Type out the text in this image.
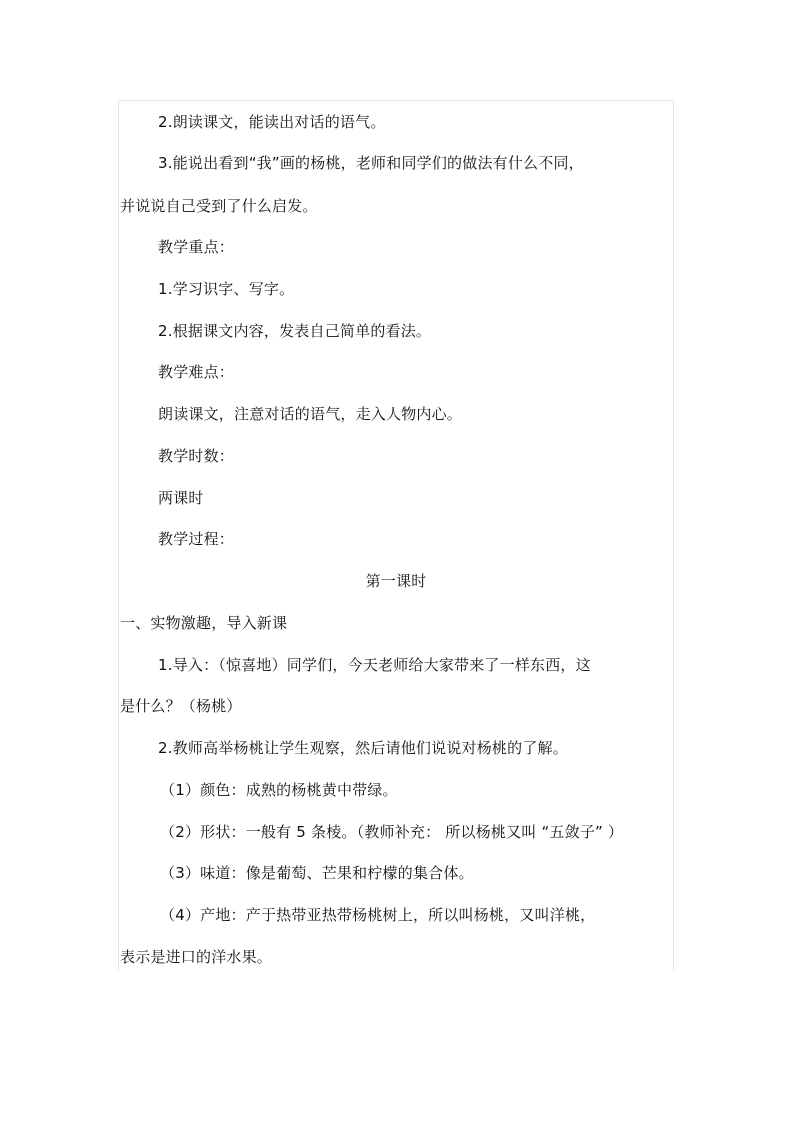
2.朗读课文，能读出对话的语气。
3.能说出看到“我”画的杨桃，老师和同学们的做法有什么不同，
并说说自己受到了什么启发。
教学重点：
1.学习识字、写字。
2.根据课文内容，发表自己简单的看法。
教学难点：
朗读课文，注意对话的语气，走入人物内心。
教学时数：
两课时
教学过程：
第一课时
一、实物激趣，导入新课
1.导入：（惊喜地）同学们，今天老师给大家带来了一样东西，这
是什么？（杨桃）
2.教师高举杨桃让学生观察，然后请他们说说对杨桃的了解。
（1）颜色：成熟的杨桃黄中带绿。
（2）形状：一般有 5 条棱。（教师补充： 所以杨桃又叫 “五敛子” ）
（3）味道：像是葡萄、芒果和柠檬的集合体。
（4）产地：产于热带亚热带杨桃树上，所以叫杨桃，又叫洋桃，
表示是进口的洋水果。
